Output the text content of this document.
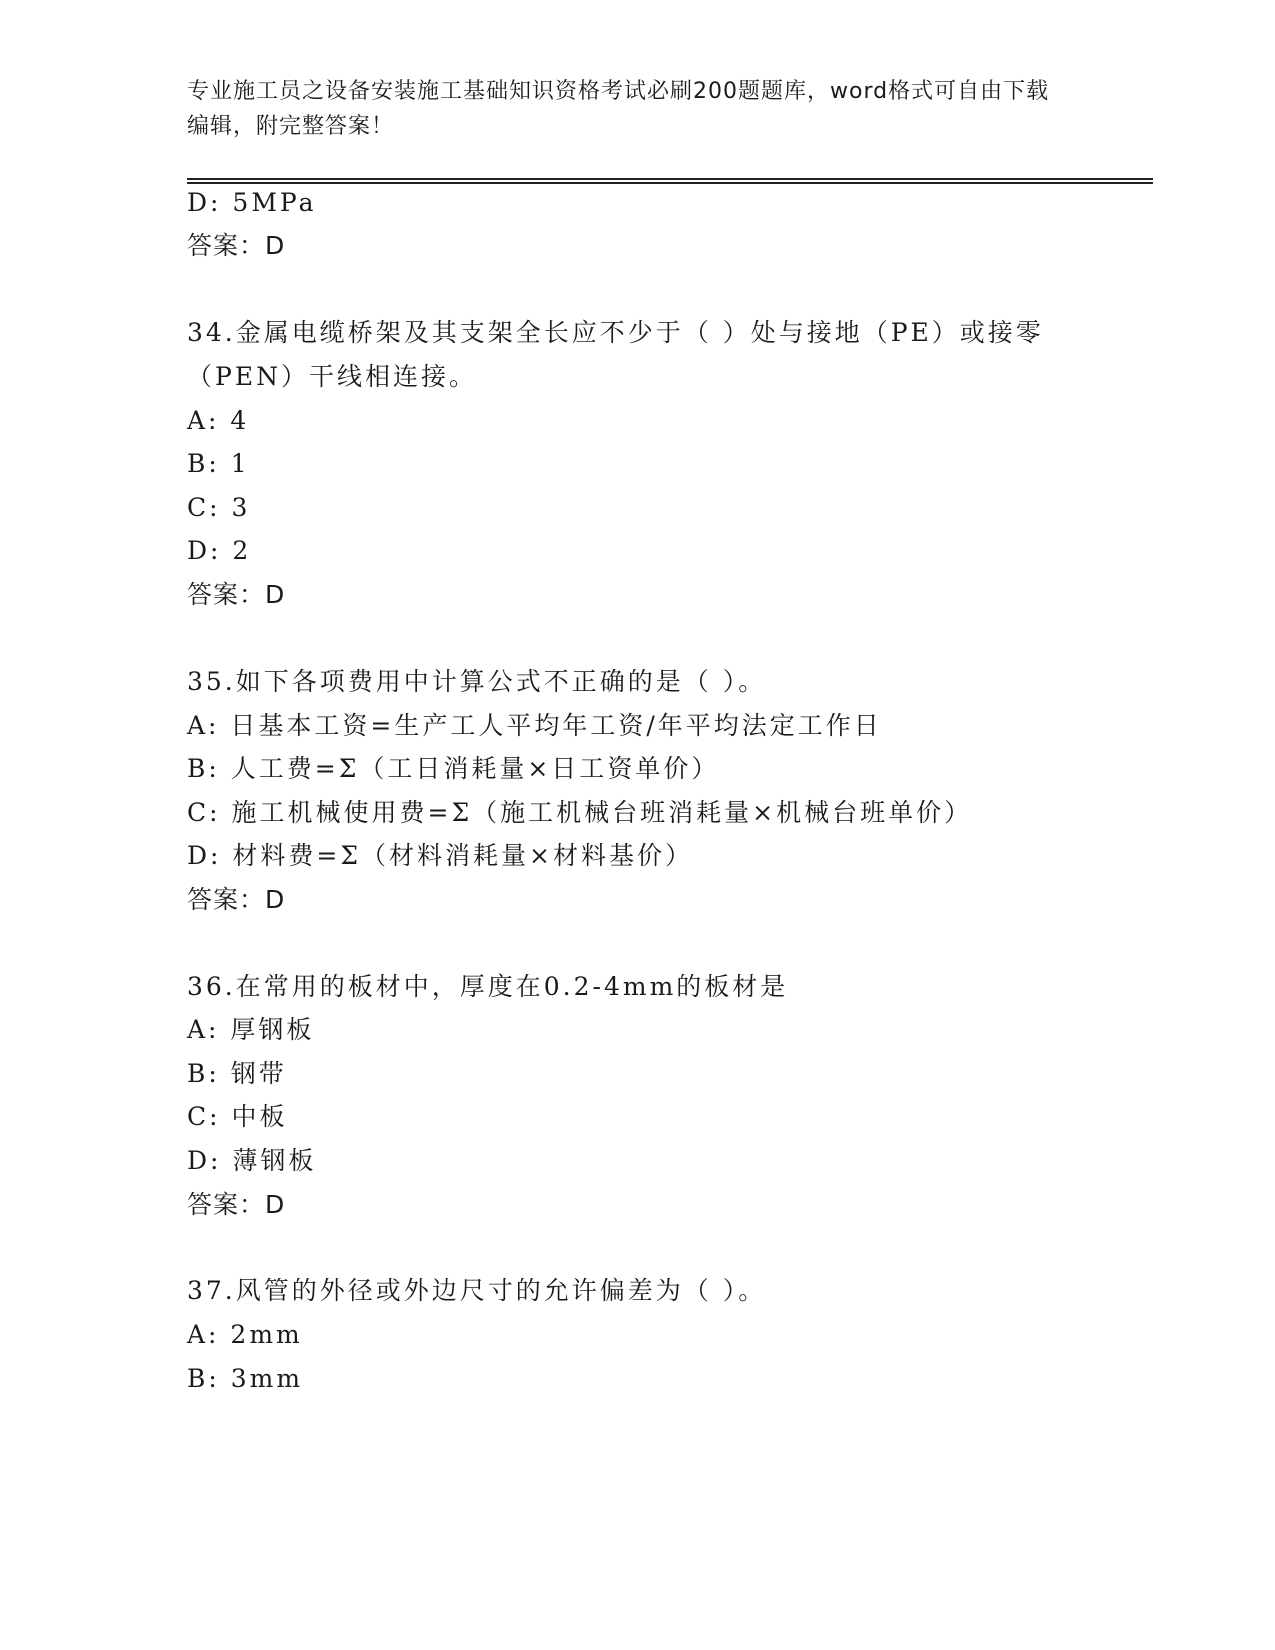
专业施工员之设备安装施工基础知识资格考试必刷200题题库，word格式可自由下载编辑，附完整答案！
D: 5MPa
答案：D
34.金属电缆桥架及其支架全长应不少于（ ）处与接地（PE）或接零
（PEN）干线相连接。
A: 4
B: 1
C: 3
D: 2
答案：D
35.如下各项费用中计算公式不正确的是（ ）。
A: 日基本工资=生产工人平均年工资/年平均法定工作日
B: 人工费=Σ（工日消耗量×日工资单价）
C: 施工机械使用费=Σ（施工机械台班消耗量×机械台班单价）
D: 材料费=Σ（材料消耗量×材料基价）
答案：D
36.在常用的板材中，厚度在0.2-4mm的板材是
A: 厚钢板
B: 钢带
C: 中板
D: 薄钢板
答案：D
37.风管的外径或外边尺寸的允许偏差为（ ）。
A: 2mm
B: 3mm
